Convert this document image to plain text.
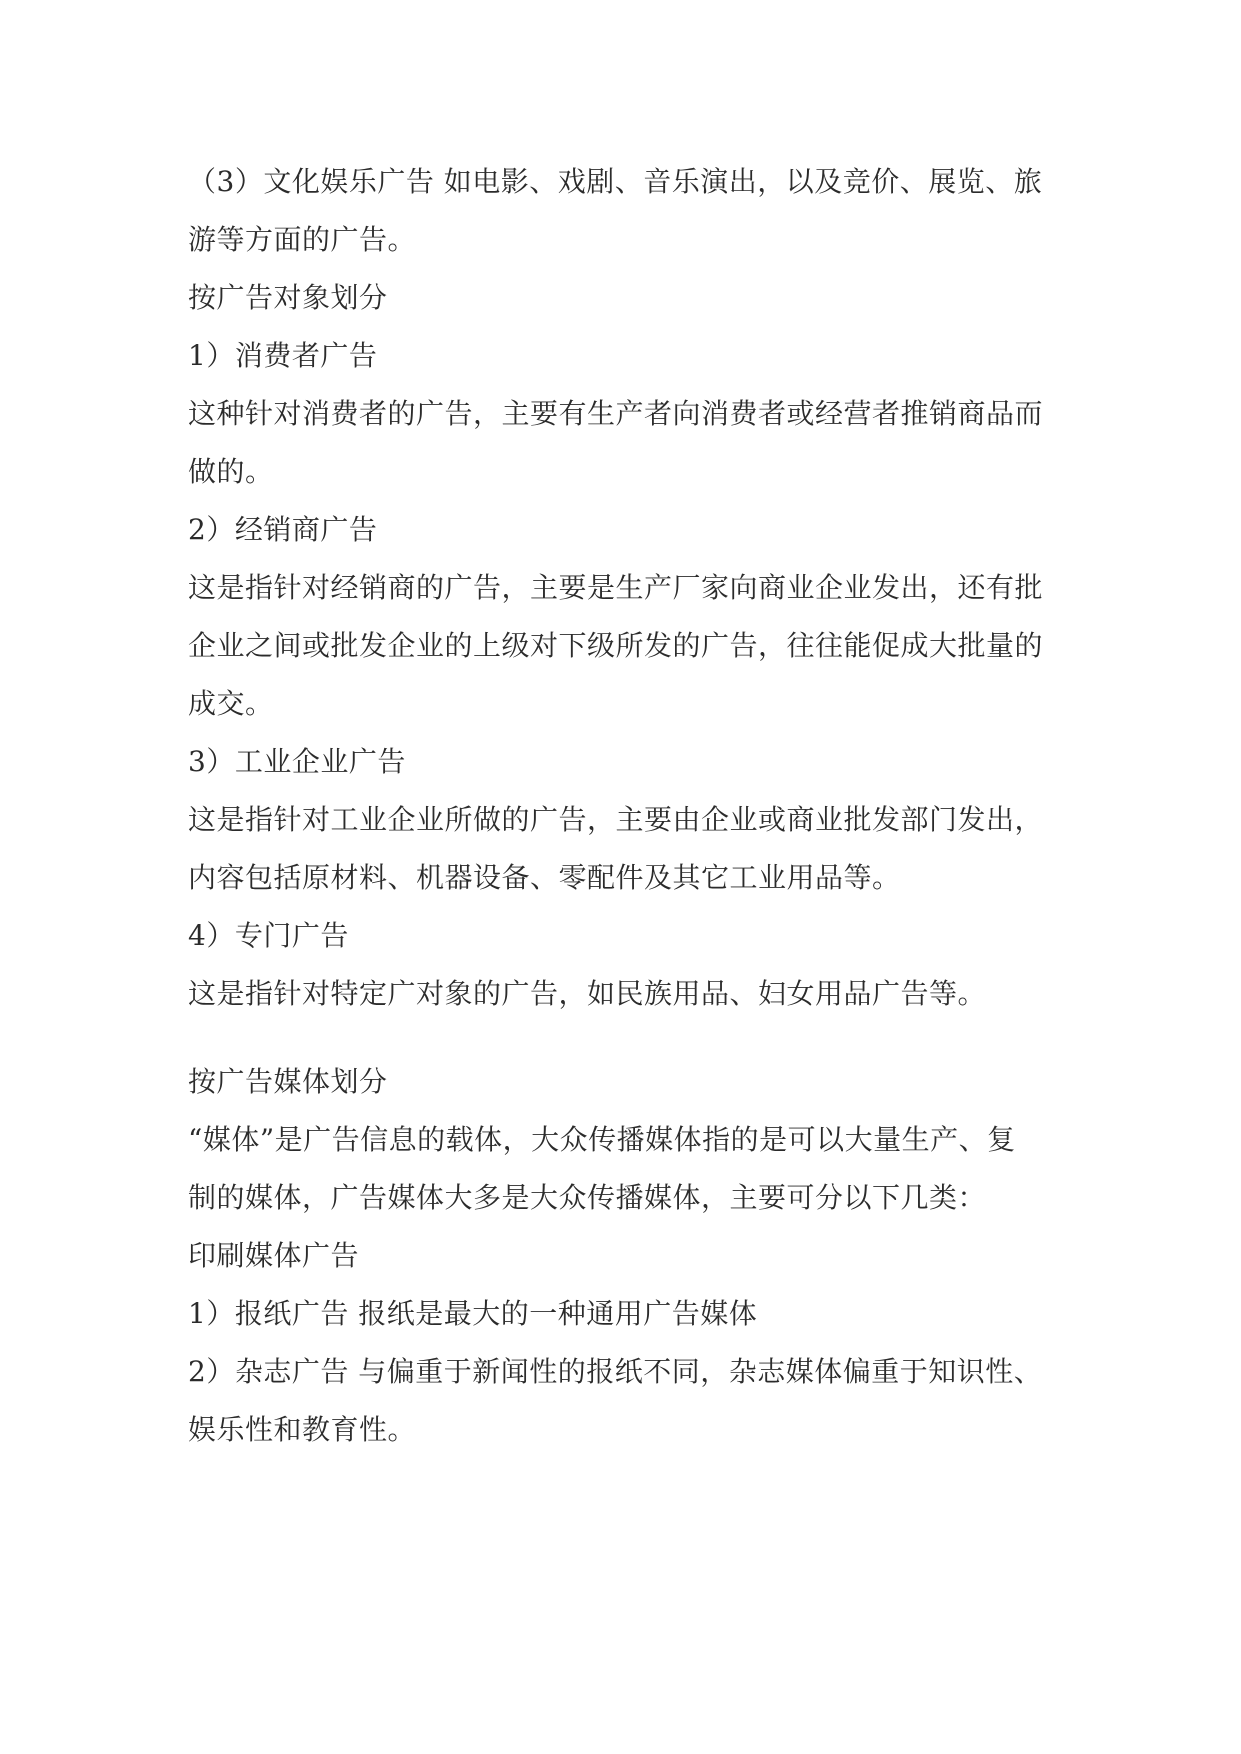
（3）文化娱乐广告 如电影、戏剧、音乐演出，以及竞价、展览、旅
游等方面的广告。
按广告对象划分
1）消费者广告
这种针对消费者的广告，主要有生产者向消费者或经营者推销商品而
做的。
2）经销商广告
这是指针对经销商的广告，主要是生产厂家向商业企业发出，还有批
企业之间或批发企业的上级对下级所发的广告，往往能促成大批量的
成交。
3）工业企业广告
这是指针对工业企业所做的广告，主要由企业或商业批发部门发出，
内容包括原材料、机器设备、零配件及其它工业用品等。
4）专门广告
这是指针对特定广对象的广告，如民族用品、妇女用品广告等。
按广告媒体划分
“媒体”是广告信息的载体，大众传播媒体指的是可以大量生产、复
制的媒体，广告媒体大多是大众传播媒体，主要可分以下几类：
印刷媒体广告
1）报纸广告 报纸是最大的一种通用广告媒体
2）杂志广告 与偏重于新闻性的报纸不同，杂志媒体偏重于知识性、
娱乐性和教育性。
